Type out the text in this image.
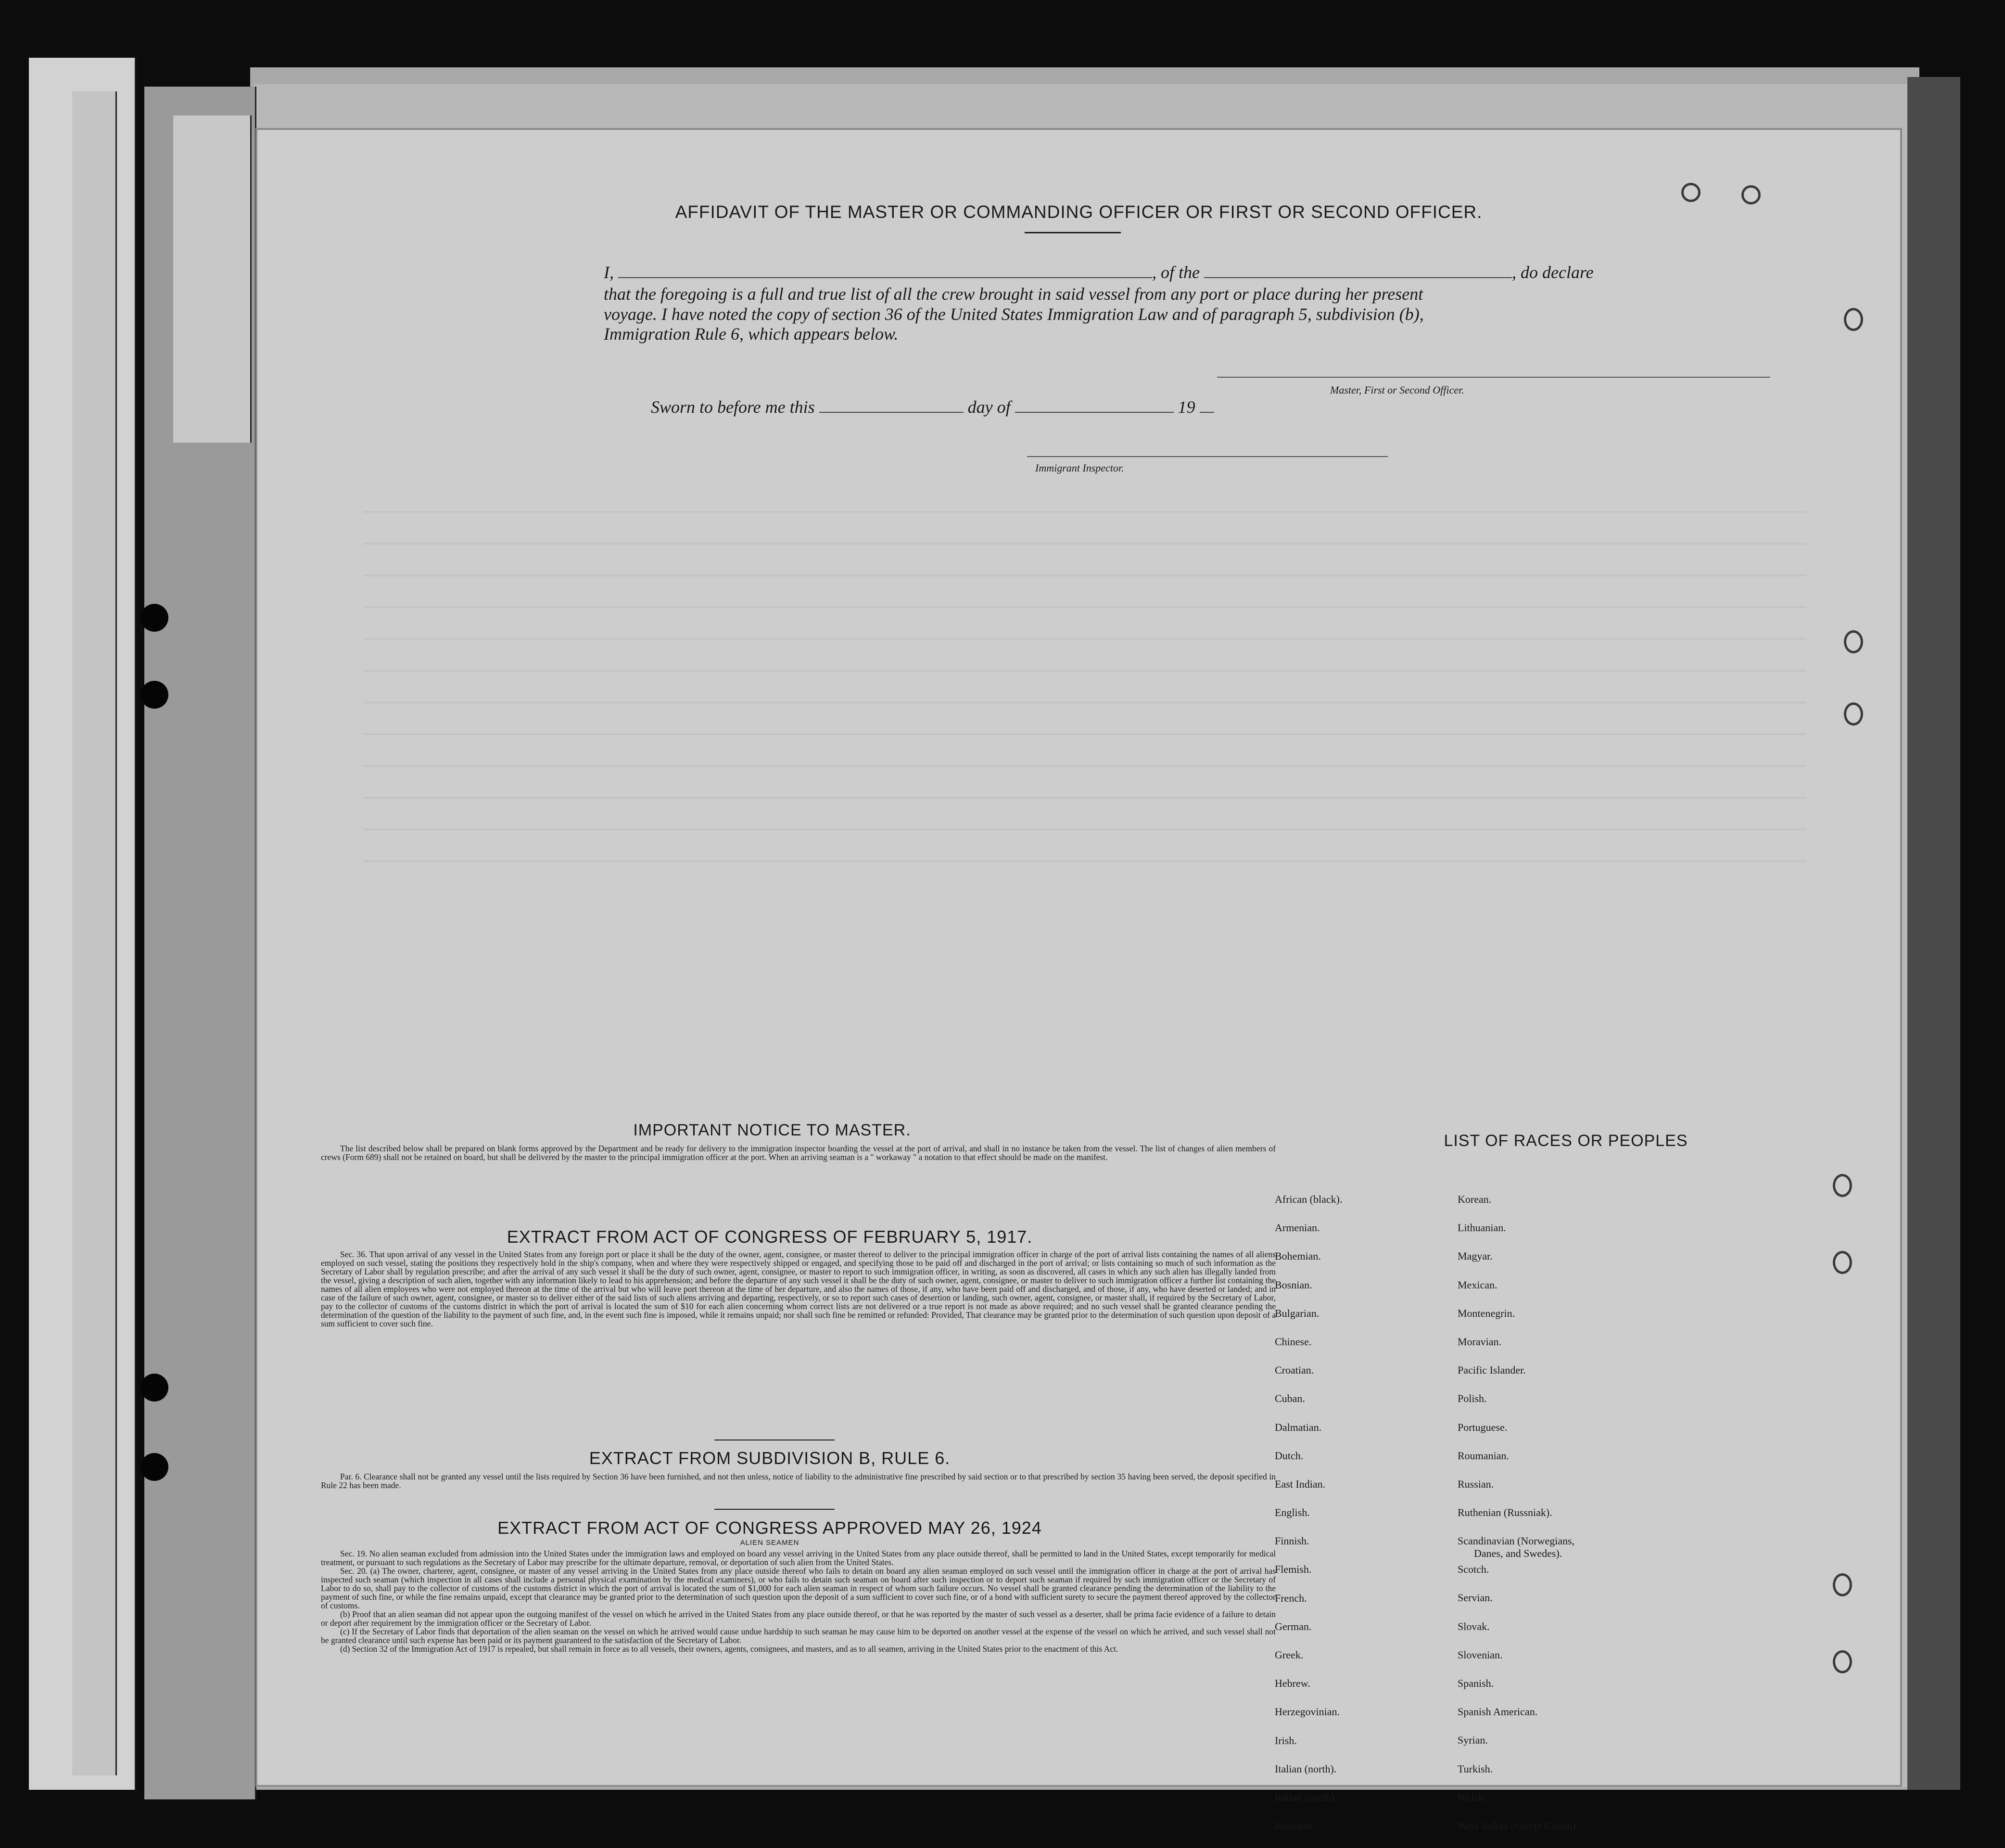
AFFIDAVIT OF THE MASTER OR COMMANDING OFFICER OR FIRST OR SECOND OFFICER.
I,	, of the	, do declare
that the foregoing is a full and true list of all the crew brought in said vessel from any port or place during her present
voyage. I have noted the copy of section 36 of the United States Immigration Law and of paragraph 5, subdivision (b),
Immigration Rule 6, which appears below.
Master, First or Second Officer.
Sworn to before me this	day of	19
Immigrant Inspector.
IMPORTANT NOTICE TO MASTER.

The list described below shall be prepared on blank forms approved by the Department and be ready for delivery to the immigration inspector boarding the vessel at the port of arrival, and shall in no instance be taken from the vessel. The list of changes of alien members of crews (Form 689) shall not be retained on board, but shall be delivered by the master to the principal immigration officer at the port. When an arriving seaman is a " workaway " a notation to that effect should be made on the manifest.

EXTRACT FROM ACT OF CONGRESS OF FEBRUARY 5, 1917.

Sec. 36. That upon arrival of any vessel in the United States from any foreign port or place it shall be the duty of the owner, agent, consignee, or master thereof to deliver to the principal immigration officer in charge of the port of arrival lists containing the names of all aliens employed on such vessel, stating the positions they respectively hold in the ship's company, when and where they were respectively shipped or engaged, and specifying those to be paid off and discharged in the port of arrival; or lists containing so much of such information as the Secretary of Labor shall by regulation prescribe; and after the arrival of any such vessel it shall be the duty of such owner, agent, consignee, or master to report to such immigration officer, in writing, as soon as discovered, all cases in which any such alien has illegally landed from the vessel, giving a description of such alien, together with any information likely to lead to his apprehension; and before the departure of any such vessel it shall be the duty of such owner, agent, consignee, or master to deliver to such immigration officer a further list containing the names of all alien employees who were not employed thereon at the time of the arrival but who will leave port thereon at the time of her departure, and also the names of those, if any, who have been paid off and discharged, and of those, if any, who have deserted or landed; and in case of the failure of such owner, agent, consignee, or master so to deliver either of the said lists of such aliens arriving and departing, respectively, or so to report such cases of desertion or landing, such owner, agent, consignee, or master shall, if required by the Secretary of Labor, pay to the collector of customs of the customs district in which the port of arrival is located the sum of $10 for each alien concerning whom correct lists are not delivered or a true report is not made as above required; and no such vessel shall be granted clearance pending the determination of the question of the liability to the payment of such fine, and, in the event such fine is imposed, while it remains unpaid; nor shall such fine be remitted or refunded: Provided, That clearance may be granted prior to the determination of such question upon deposit of a sum sufficient to cover such fine.

EXTRACT FROM SUBDIVISION B, RULE 6.

Par. 6. Clearance shall not be granted any vessel until the lists required by Section 36 have been furnished, and not then unless, notice of liability to the administrative fine prescribed by said section or to that prescribed by section 35 having been served, the deposit specified in Rule 22 has been made.

EXTRACT FROM ACT OF CONGRESS APPROVED MAY 26, 1924
ALIEN SEAMEN

Sec. 19. No alien seaman excluded from admission into the United States under the immigration laws and employed on board any vessel arriving in the United States from any place outside thereof, shall be permitted to land in the United States, except temporarily for medical treatment, or pursuant to such regulations as the Secretary of Labor may prescribe for the ultimate departure, removal, or deportation of such alien from the United States.

Sec. 20. (a) The owner, charterer, agent, consignee, or master of any vessel arriving in the United States from any place outside thereof who fails to detain on board any alien seaman employed on such vessel until the immigration officer in charge at the port of arrival has inspected such seaman (which inspection in all cases shall include a personal physical examination by the medical examiners), or who fails to detain such seaman on board after such inspection or to deport such seaman if required by such immigration officer or the Secretary of Labor to do so, shall pay to the collector of customs of the customs district in which the port of arrival is located the sum of $1,000 for each alien seaman in respect of whom such failure occurs. No vessel shall be granted clearance pending the determination of the liability to the payment of such fine, or while the fine remains unpaid, except that clearance may be granted prior to the determination of such question upon the deposit of a sum sufficient to cover such fine, or of a bond with sufficient surety to secure the payment thereof approved by the collector of customs.

(b) Proof that an alien seaman did not appear upon the outgoing manifest of the vessel on which he arrived in the United States from any place outside thereof, or that he was reported by the master of such vessel as a deserter, shall be prima facie evidence of a failure to detain or deport after requirement by the immigration officer or the Secretary of Labor.

(c) If the Secretary of Labor finds that deportation of the alien seaman on the vessel on which he arrived would cause undue hardship to such seaman he may cause him to be deported on another vessel at the expense of the vessel on which he arrived, and such vessel shall not be granted clearance until such expense has been paid or its payment guaranteed to the satisfaction of the Secretary of Labor.

(d) Section 32 of the Immigration Act of 1917 is repealed, but shall remain in force as to all vessels, their owners, agents, consignees, and masters, and as to all seamen, arriving in the United States prior to the enactment of this Act.

LIST OF RACES OR PEOPLES
African (black).
Armenian.
Bohemian.
Bosnian.
Bulgarian.
Chinese.
Croatian.
Cuban.
Dalmatian.
Dutch.
East Indian.
English.
Finnish.
Flemish.
French.
German.
Greek.
Hebrew.
Herzegovinian.
Irish.
Italian (north).
Italian (south).
Japanese.
Korean.
Lithuanian.
Magyar.
Mexican.
Montenegrin.
Moravian.
Pacific Islander.
Polish.
Portuguese.
Roumanian.
Russian.
Ruthenian (Russniak).
Scandinavian (Norwegians,
Danes, and Swedes).
Scotch.
Servian.
Slovak.
Slovenian.
Spanish.
Spanish American.
Syrian.
Turkish.
Welsh.
West Indian (except Cuban).
